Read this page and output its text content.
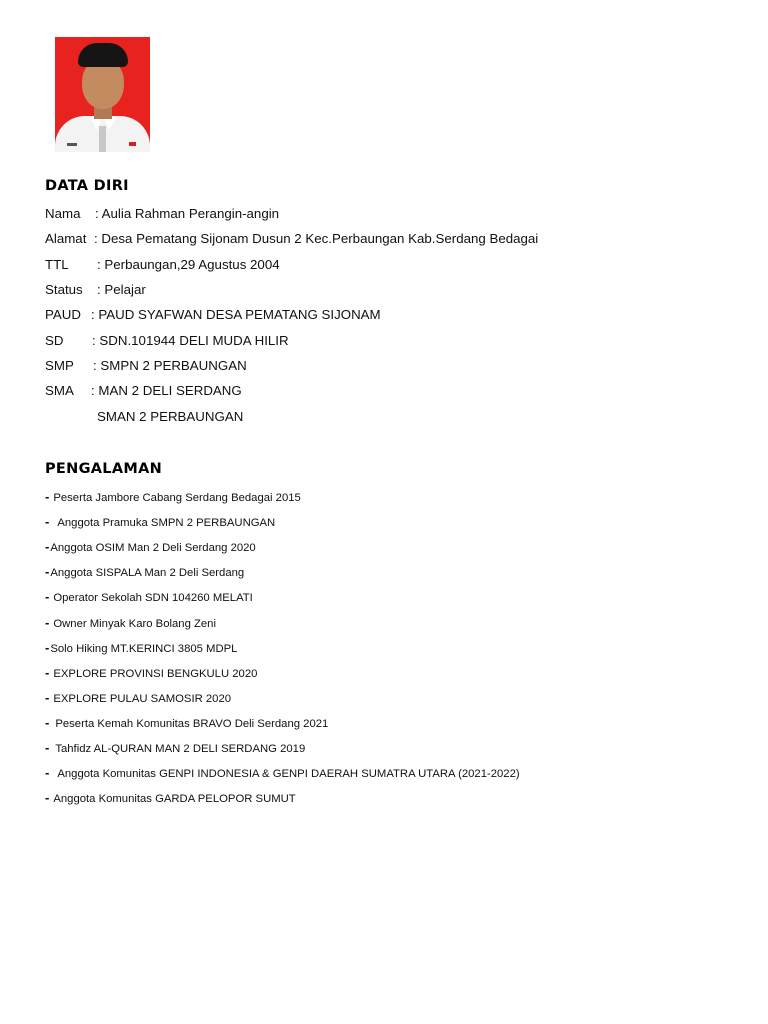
DATA DIRI
Nama : Aulia Rahman Perangin-angin
Alamat : Desa Pematang Sijonam Dusun 2 Kec.Perbaungan Kab.Serdang Bedagai
TTL : Perbaungan,29 Agustus 2004
Status : Pelajar
PAUD : PAUD SYAFWAN DESA PEMATANG SIJONAM
SD : SDN.101944 DELI MUDA HILIR
SMP : SMPN 2 PERBAUNGAN
SMA : MAN 2 DELI SERDANG
SMAN 2 PERBAUNGAN
PENGALAMAN
- Peserta Jambore Cabang Serdang Bedagai 2015
- Anggota Pramuka SMPN 2 PERBAUNGAN
-Anggota OSIM Man 2 Deli Serdang 2020
-Anggota SISPALA Man 2 Deli Serdang
- Operator Sekolah SDN 104260 MELATI
- Owner Minyak Karo Bolang Zeni
-Solo Hiking MT.KERINCI 3805 MDPL
- EXPLORE PROVINSI BENGKULU 2020
- EXPLORE PULAU SAMOSIR 2020
- Peserta Kemah Komunitas BRAVO Deli Serdang 2021
- Tahfidz AL-QURAN MAN 2 DELI SERDANG 2019
- Anggota Komunitas GENPI INDONESIA & GENPI DAERAH SUMATRA UTARA (2021-2022)
- Anggota Komunitas GARDA PELOPOR SUMUT
